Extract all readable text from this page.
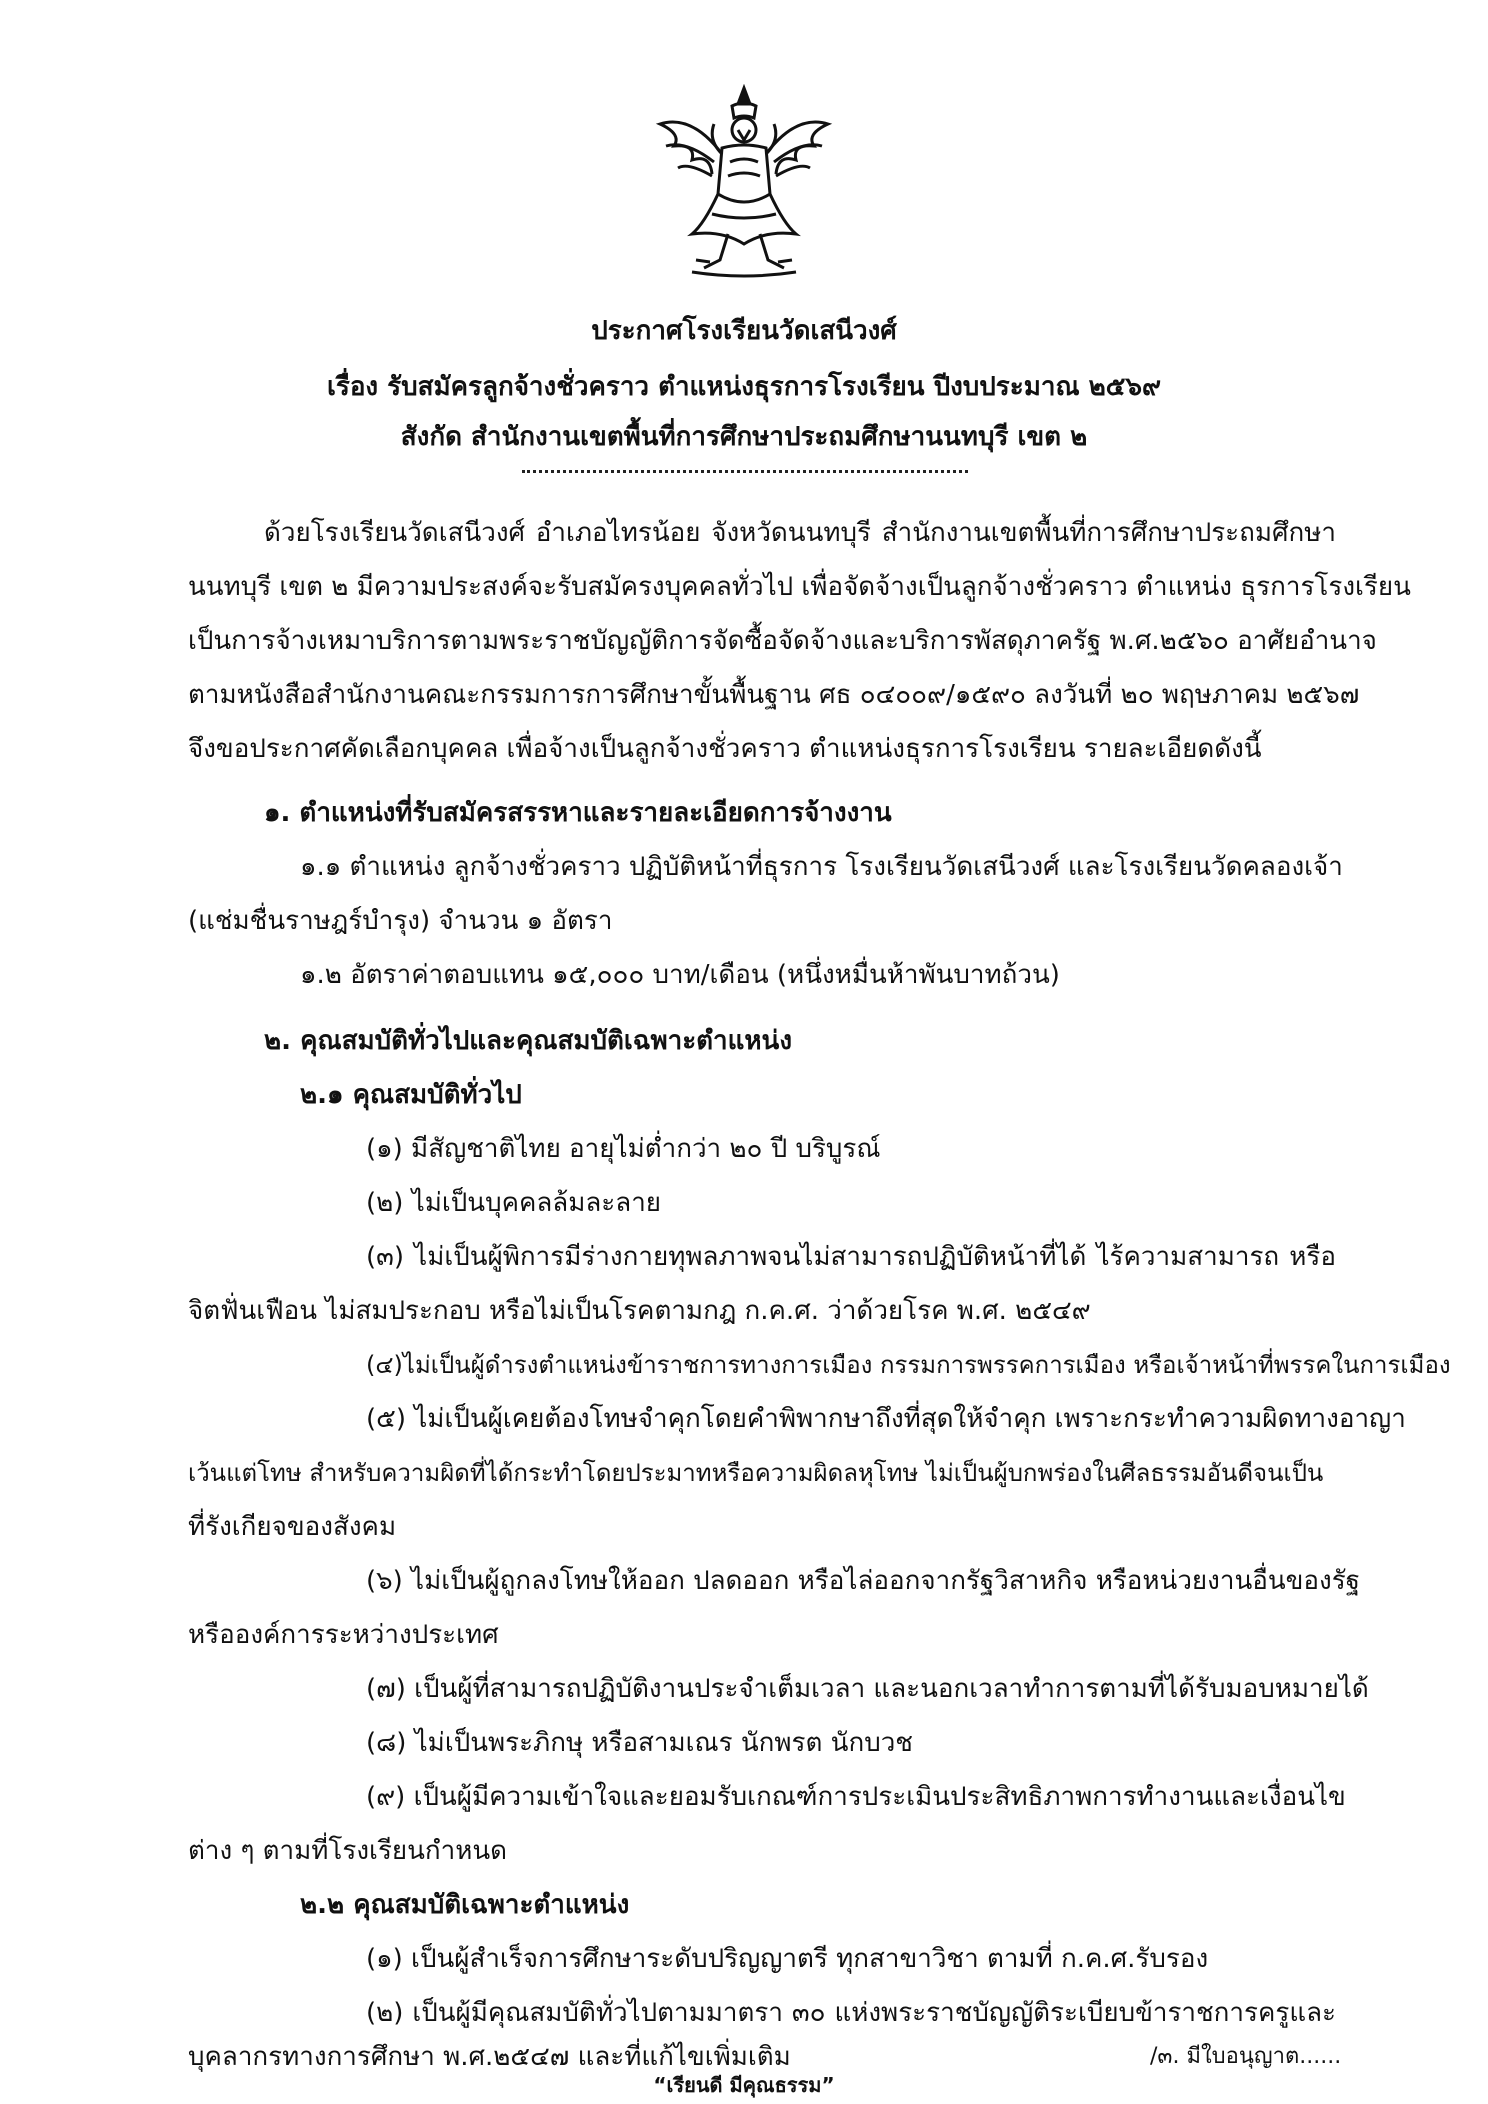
ประกาศโรงเรียนวัดเสนีวงศ์
เรื่อง รับสมัครลูกจ้างชั่วคราว ตำแหน่งธุรการโรงเรียน ปีงบประมาณ ๒๕๖๙
สังกัด สำนักงานเขตพื้นที่การศึกษาประถมศึกษานนทบุรี เขต ๒
ด้วยโรงเรียนวัดเสนีวงศ์ อำเภอไทรน้อย จังหวัดนนทบุรี สำนักงานเขตพื้นที่การศึกษาประถมศึกษา
นนทบุรี เขต ๒ มีความประสงค์จะรับสมัครงบุคคลทั่วไป เพื่อจัดจ้างเป็นลูกจ้างชั่วคราว ตำแหน่ง ธุรการโรงเรียน
เป็นการจ้างเหมาบริการตามพระราชบัญญัติการจัดซื้อจัดจ้างและบริการพัสดุภาครัฐ พ.ศ.๒๕๖๐ อาศัยอำนาจ
ตามหนังสือสำนักงานคณะกรรมการการศึกษาขั้นพื้นฐาน ศธ ๐๔๐๐๙/๑๕๙๐ ลงวันที่ ๒๐ พฤษภาคม ๒๕๖๗
จึงขอประกาศคัดเลือกบุคคล เพื่อจ้างเป็นลูกจ้างชั่วคราว ตำแหน่งธุรการโรงเรียน รายละเอียดดังนี้
๑. ตำแหน่งที่รับสมัครสรรหาและรายละเอียดการจ้างงาน
๑.๑ ตำแหน่ง ลูกจ้างชั่วคราว ปฏิบัติหน้าที่ธุรการ โรงเรียนวัดเสนีวงศ์ และโรงเรียนวัดคลองเจ้า
(แช่มชื่นราษฎร์บำรุง) จำนวน ๑ อัตรา
๑.๒ อัตราค่าตอบแทน ๑๕,๐๐๐ บาท/เดือน (หนึ่งหมื่นห้าพันบาทถ้วน)
๒. คุณสมบัติทั่วไปและคุณสมบัติเฉพาะตำแหน่ง
๒.๑ คุณสมบัติทั่วไป
(๑) มีสัญชาติไทย อายุไม่ต่ำกว่า ๒๐ ปี บริบูรณ์
(๒) ไม่เป็นบุคคลล้มละลาย
(๓) ไม่เป็นผู้พิการมีร่างกายทุพลภาพจนไม่สามารถปฏิบัติหน้าที่ได้ ไร้ความสามารถ หรือ
จิตฟั่นเฟือน ไม่สมประกอบ หรือไม่เป็นโรคตามกฎ ก.ค.ศ. ว่าด้วยโรค พ.ศ. ๒๕๔๙
(๔)ไม่เป็นผู้ดำรงตำแหน่งข้าราชการทางการเมือง กรรมการพรรคการเมือง หรือเจ้าหน้าที่พรรคในการเมือง
(๕) ไม่เป็นผู้เคยต้องโทษจำคุกโดยคำพิพากษาถึงที่สุดให้จำคุก เพราะกระทำความผิดทางอาญา
เว้นแต่โทษ สำหรับความผิดที่ได้กระทำโดยประมาทหรือความผิดลหุโทษ ไม่เป็นผู้บกพร่องในศีลธรรมอันดีจนเป็น
ที่รังเกียจของสังคม
(๖) ไม่เป็นผู้ถูกลงโทษให้ออก ปลดออก หรือไล่ออกจากรัฐวิสาหกิจ หรือหน่วยงานอื่นของรัฐ
หรือองค์การระหว่างประเทศ
(๗) เป็นผู้ที่สามารถปฏิบัติงานประจำเต็มเวลา และนอกเวลาทำการตามที่ได้รับมอบหมายได้
(๘) ไม่เป็นพระภิกษุ หรือสามเณร นักพรต นักบวช
(๙) เป็นผู้มีความเข้าใจและยอมรับเกณฑ์การประเมินประสิทธิภาพการทำงานและเงื่อนไข
ต่าง ๆ ตามที่โรงเรียนกำหนด
๒.๒ คุณสมบัติเฉพาะตำแหน่ง
(๑) เป็นผู้สำเร็จการศึกษาระดับปริญญาตรี ทุกสาขาวิชา ตามที่ ก.ค.ศ.รับรอง
(๒) เป็นผู้มีคุณสมบัติทั่วไปตามมาตรา ๓๐ แห่งพระราชบัญญัติระเบียบข้าราชการครูและ
บุคลากรทางการศึกษา พ.ศ.๒๕๔๗ และที่แก้ไขเพิ่มเติม	/๓. มีใบอนุญาต......
“เรียนดี มีคุณธรรม”
